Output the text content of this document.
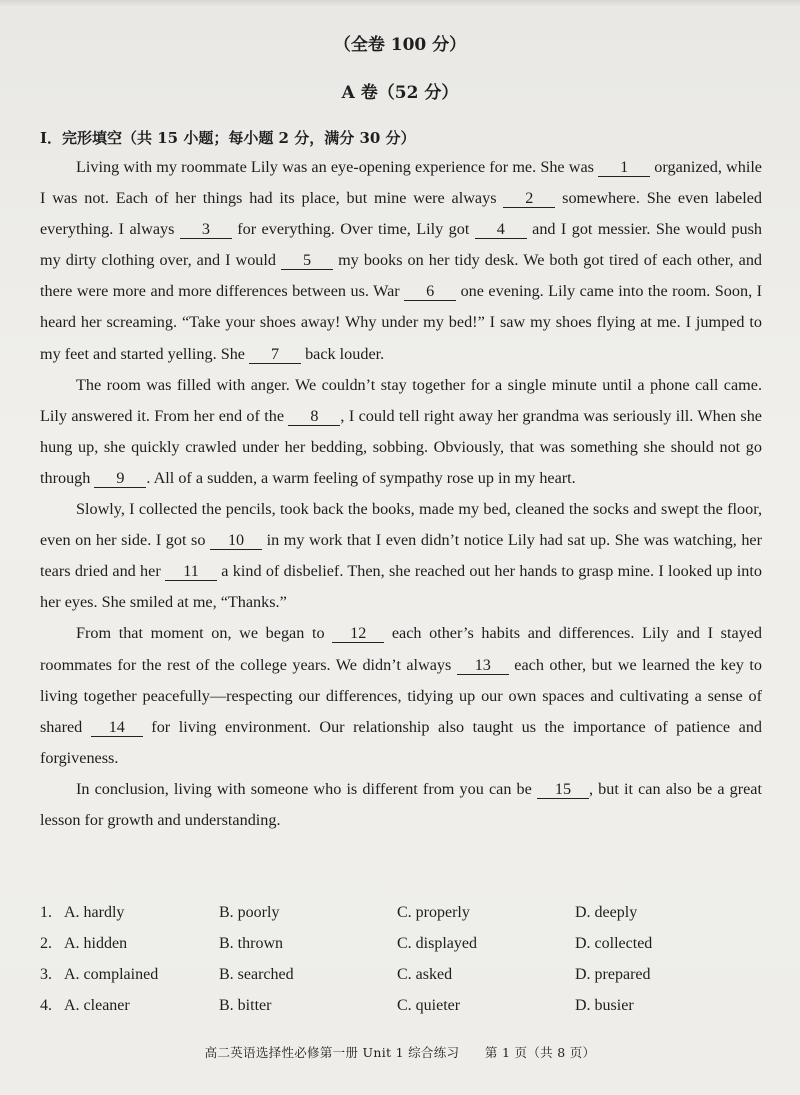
（全卷 100 分）
A 卷（52 分）
I．完形填空（共 15 小题；每小题 2 分，满分 30 分）

Living with my roommate Lily was an eye-opening experience for me. She was 1 organized, while I was not. Each of her things had its place, but mine were always 2 somewhere. She even labeled everything. I always 3 for everything. Over time, Lily got 4 and I got messier. She would push my dirty clothing over, and I would 5 my books on her tidy desk. We both got tired of each other, and there were more and more differences between us. War 6 one evening. Lily came into the room. Soon, I heard her screaming. “Take your shoes away! Why under my bed!” I saw my shoes flying at me. I jumped to my feet and started yelling. She 7 back louder.

The room was filled with anger. We couldn’t stay together for a single minute until a phone call came. Lily answered it. From her end of the 8 , I could tell right away her grandma was seriously ill. When she hung up, she quickly crawled under her bedding, sobbing. Obviously, that was something she should not go through 9 . All of a sudden, a warm feeling of sympathy rose up in my heart.

Slowly, I collected the pencils, took back the books, made my bed, cleaned the socks and swept the floor, even on her side. I got so 10 in my work that I even didn’t notice Lily had sat up. She was watching, her tears dried and her 11 a kind of disbelief. Then, she reached out her hands to grasp mine. I looked up into her eyes. She smiled at me, “Thanks.”

From that moment on, we began to 12 each other’s habits and differences. Lily and I stayed roommates for the rest of the college years. We didn’t always 13 each other, but we learned the key to living together peacefully—respecting our differences, tidying up our own spaces and cultivating a sense of shared 14 for living environment. Our relationship also taught us the importance of patience and forgiveness.

In conclusion, living with someone who is different from you can be 15 , but it can also be a great lesson for growth and understanding.

1. A. hardly	B. poorly	C. properly	D. deeply
2. A. hidden	B. thrown	C. displayed	D. collected
3. A. complained	B. searched	C. asked	D. prepared
4. A. cleaner	B. bitter	C. quieter	D. busier
高二英语选择性必修第一册 Unit 1 综合练习　　第 1 页（共 8 页）
